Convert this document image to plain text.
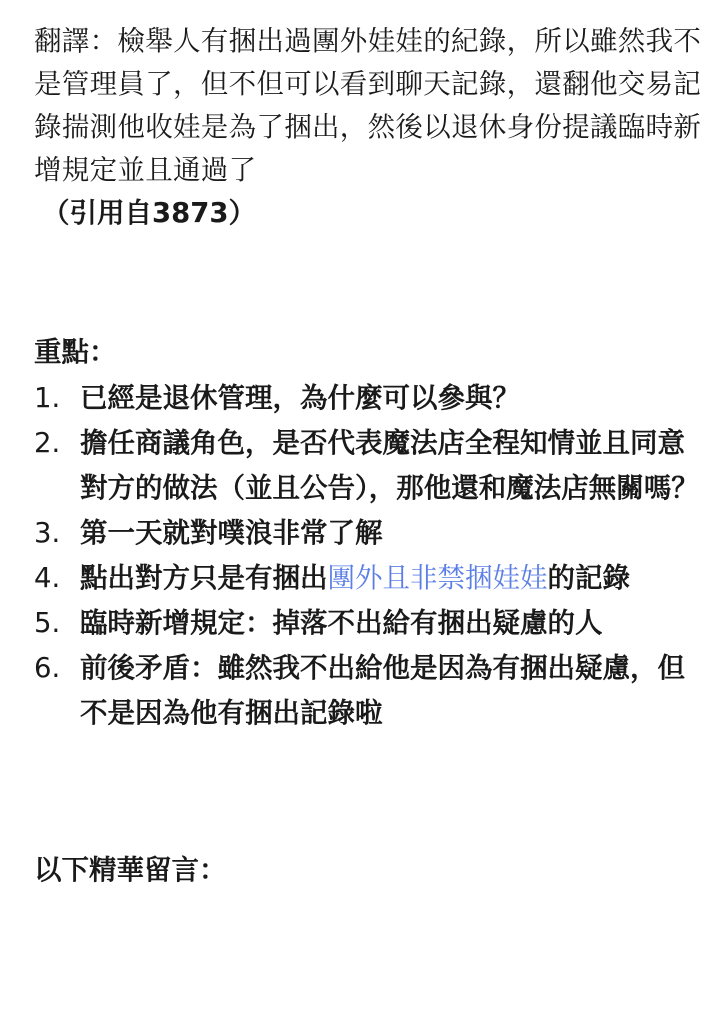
翻譯：檢舉人有捆出過團外娃娃的紀錄，所以雖然我不是管理員了，但不但可以看到聊天記錄，還翻他交易記錄揣測他收娃是為了捆出，然後以退休身份提議臨時新增規定並且通過了

（引用自3873）

重點：
1. 已經是退休管理，為什麼可以參與？
2. 擔任商議角色，是否代表魔法店全程知情並且同意對方的做法（並且公告），那他還和魔法店無關嗎？
3. 第一天就對噗浪非常了解
4. 點出對方只是有捆出團外且非禁捆娃娃的記錄
5. 臨時新增規定：掉落不出給有捆出疑慮的人
6. 前後矛盾：雖然我不出給他是因為有捆出疑慮，但不是因為他有捆出記錄啦
以下精華留言：
